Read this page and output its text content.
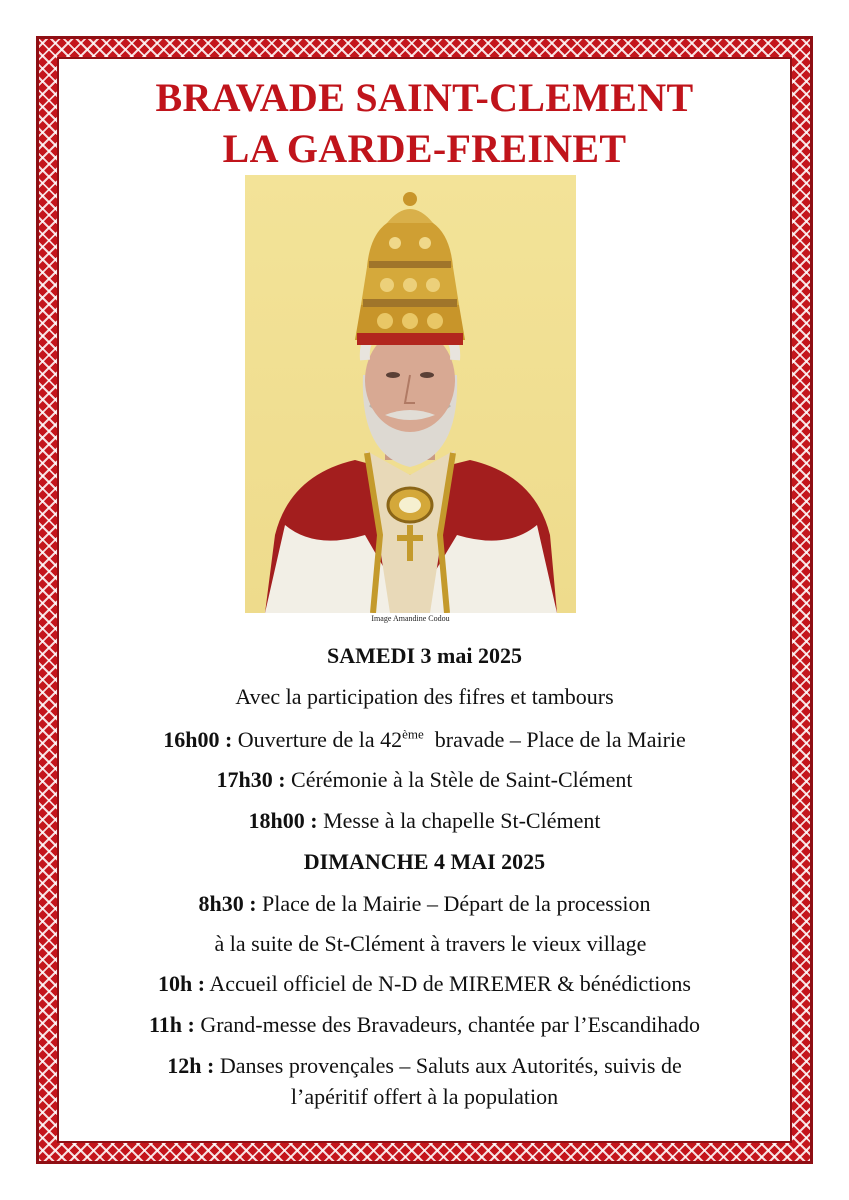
BRAVADE SAINT-CLEMENT
LA GARDE-FREINET
Image Amandine Codou
SAMEDI 3 mai 2025
Avec la participation des fifres et tambours
16h00 : Ouverture de la 42ème  bravade – Place de la Mairie
17h30 : Cérémonie à la Stèle de Saint-Clément
18h00 : Messe à la chapelle St-Clément
DIMANCHE 4 MAI 2025
8h30 : Place de la Mairie – Départ de la procession
à la suite de St-Clément à travers le vieux village
10h : Accueil officiel de N-D de MIREMER & bénédictions
11h : Grand-messe des Bravadeurs, chantée par l’Escandihado
12h : Danses provençales – Saluts aux Autorités, suivis de
l’apéritif offert à la population
